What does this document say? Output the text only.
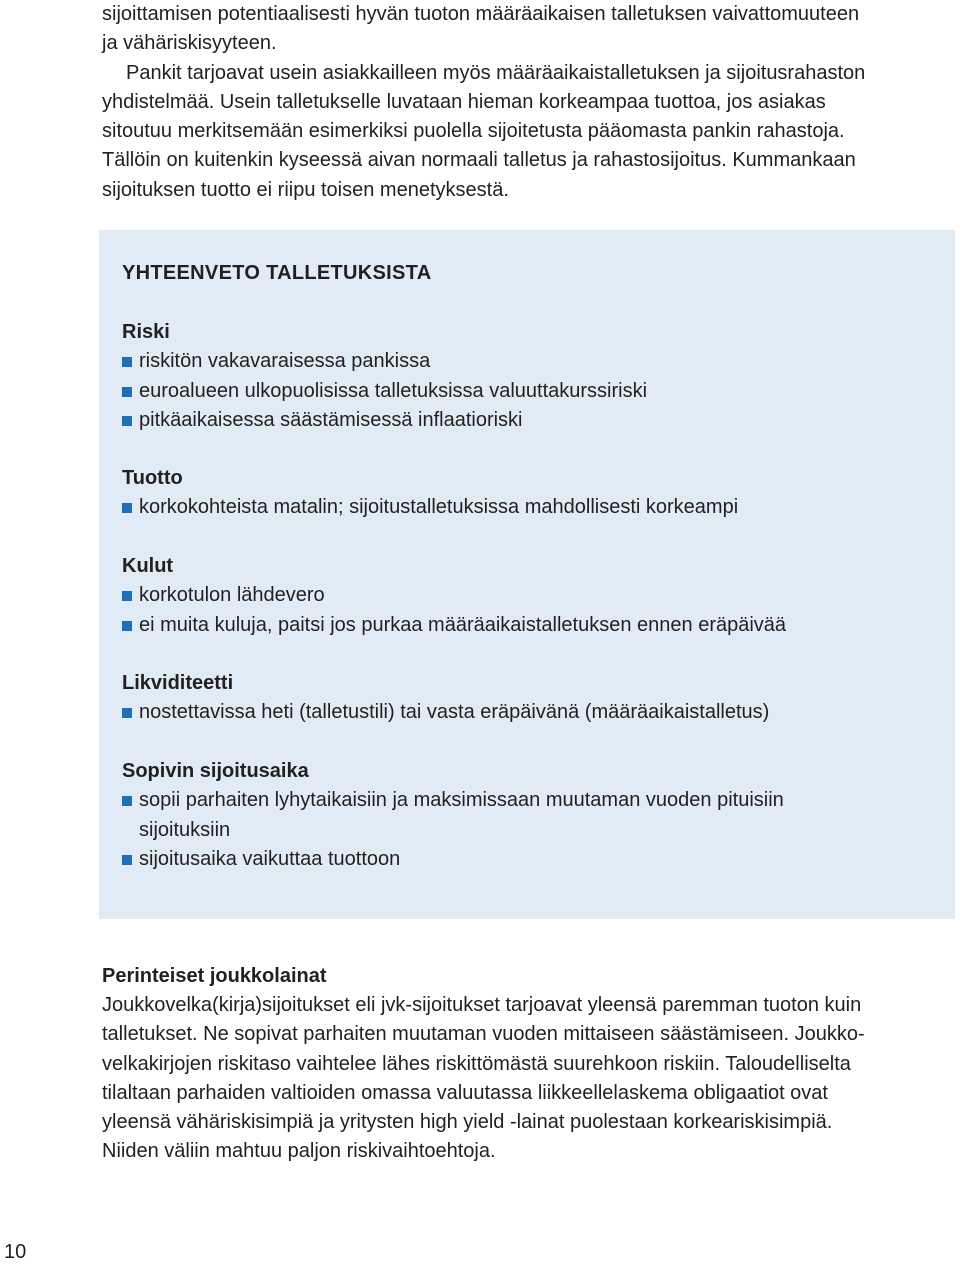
sijoittamisen potentiaalisesti hyvän tuoton määräaikaisen talletuksen vaivattomuuteen
ja vähäriskisyyteen.
Pankit tarjoavat usein asiakkailleen myös määräaikaistalletuksen ja sijoitusrahaston
yhdistelmää. Usein talletukselle luvataan hieman korkeampaa tuottoa, jos asiakas
sitoutuu merkitsemään esimerkiksi puolella sijoitetusta pääomasta pankin rahastoja.
Tällöin on kuitenkin kyseessä aivan normaali talletus ja rahastosijoitus. Kummankaan
sijoituksen tuotto ei riipu toisen menetyksestä.
YHTEENVETO TALLETUKSISTA
Riski
riskitön vakavaraisessa pankissa
euroalueen ulkopuolisissa talletuksissa valuuttakurssiriski
pitkäaikaisessa säästämisessä inflaatioriski
Tuotto
korkokohteista matalin; sijoitustalletuksissa mahdollisesti korkeampi
Kulut
korkotulon lähdevero
ei muita kuluja, paitsi jos purkaa määräaikaistalletuksen ennen eräpäivää
Likviditeetti
nostettavissa heti (talletustili) tai vasta eräpäivänä (määräaikaistalletus)
Sopivin sijoitusaika
sopii parhaiten lyhytaikaisiin ja maksimissaan muutaman vuoden pituisiin
sijoituksiin
sijoitusaika vaikuttaa tuottoon
Perinteiset joukkolainat
Joukkovelka(kirja)sijoitukset eli jvk-sijoitukset tarjoavat yleensä paremman tuoton kuin
talletukset. Ne sopivat parhaiten muutaman vuoden mittaiseen säästämiseen. Joukko-
velkakirjojen riskitaso vaihtelee lähes riskittömästä suurehkoon riskiin. Taloudelliselta
tilaltaan parhaiden valtioiden omassa valuutassa liikkeellelaskema obligaatiot ovat
yleensä vähäriskisimpiä ja yritysten high yield -lainat puolestaan korkeariskisimpiä.
Niiden väliin mahtuu paljon riskivaihtoehtoja.
10
